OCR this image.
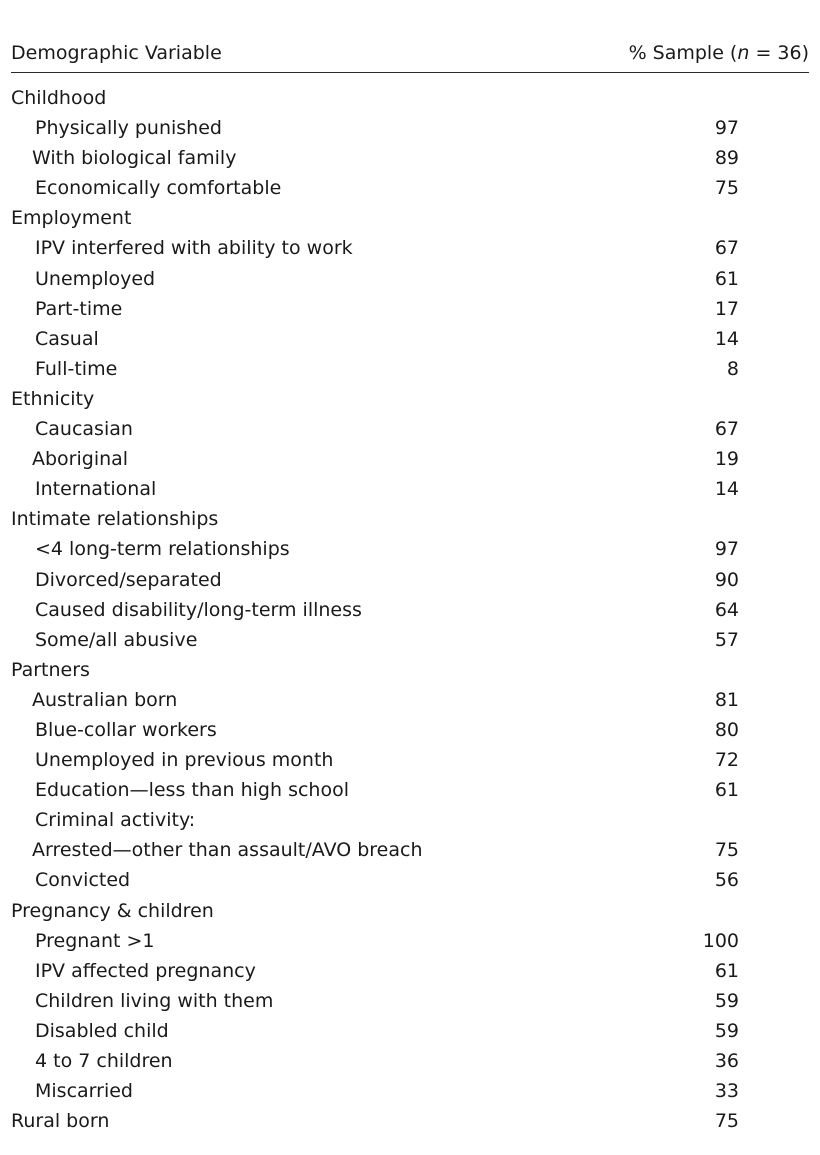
Demographic Variable	% Sample (n = 36)
Childhood
Physically punished	97
With biological family	89
Economically comfortable	75
Employment
IPV interfered with ability to work	67
Unemployed	61
Part-time	17
Casual	14
Full-time	8
Ethnicity
Caucasian	67
Aboriginal	19
International	14
Intimate relationships
<4 long-term relationships	97
Divorced/separated	90
Caused disability/long-term illness	64
Some/all abusive	57
Partners
Australian born	81
Blue-collar workers	80
Unemployed in previous month	72
Education—less than high school	61
Criminal activity:
Arrested—other than assault/AVO breach	75
Convicted	56
Pregnancy & children
Pregnant >1	100
IPV affected pregnancy	61
Children living with them	59
Disabled child	59
4 to 7 children	36
Miscarried	33
Rural born	75
